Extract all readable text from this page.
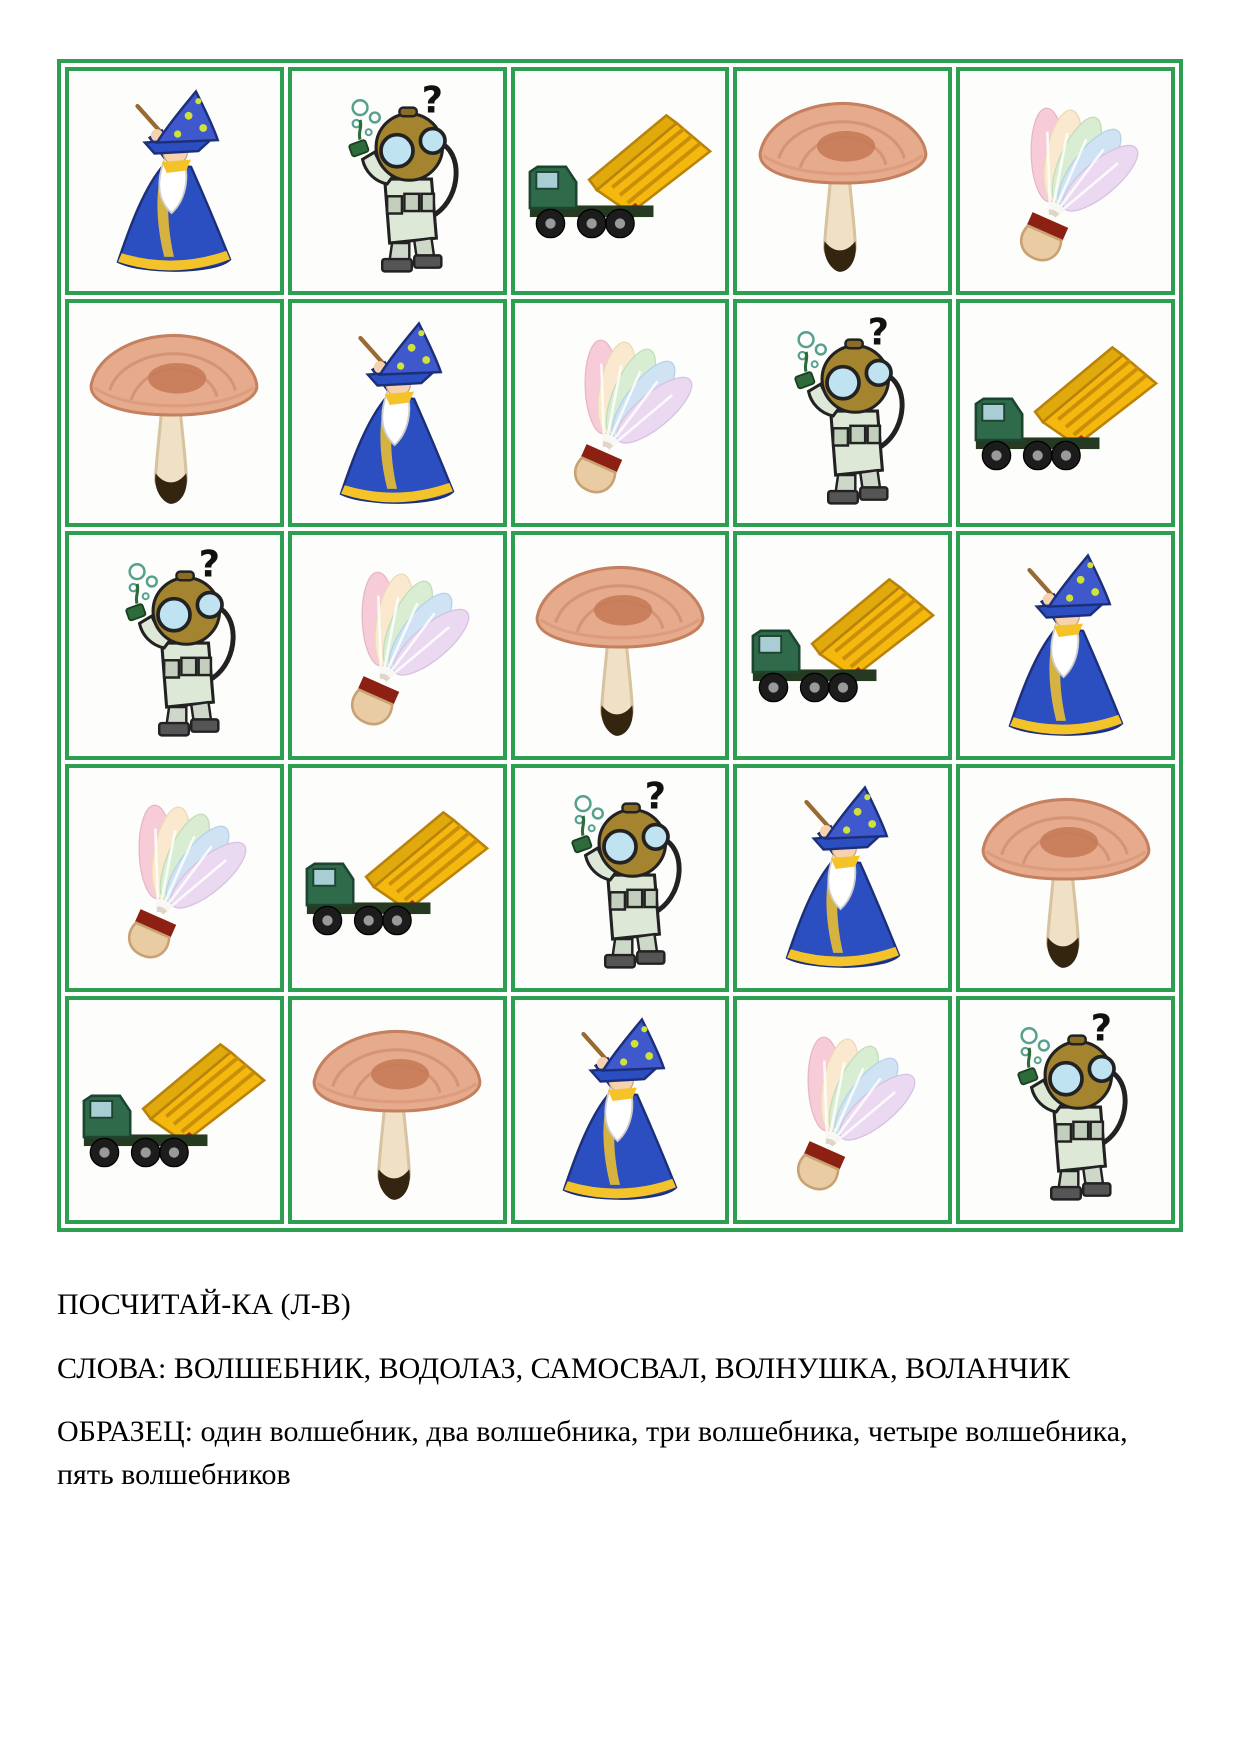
ПОСЧИТАЙ-КА (Л-В)

СЛОВА: ВОЛШЕБНИК, ВОДОЛАЗ, САМОСВАЛ, ВОЛНУШКА, ВОЛАНЧИК

ОБРАЗЕЦ: один волшебник, два волшебника, три волшебника, четыре волшебника, пять волшебников
